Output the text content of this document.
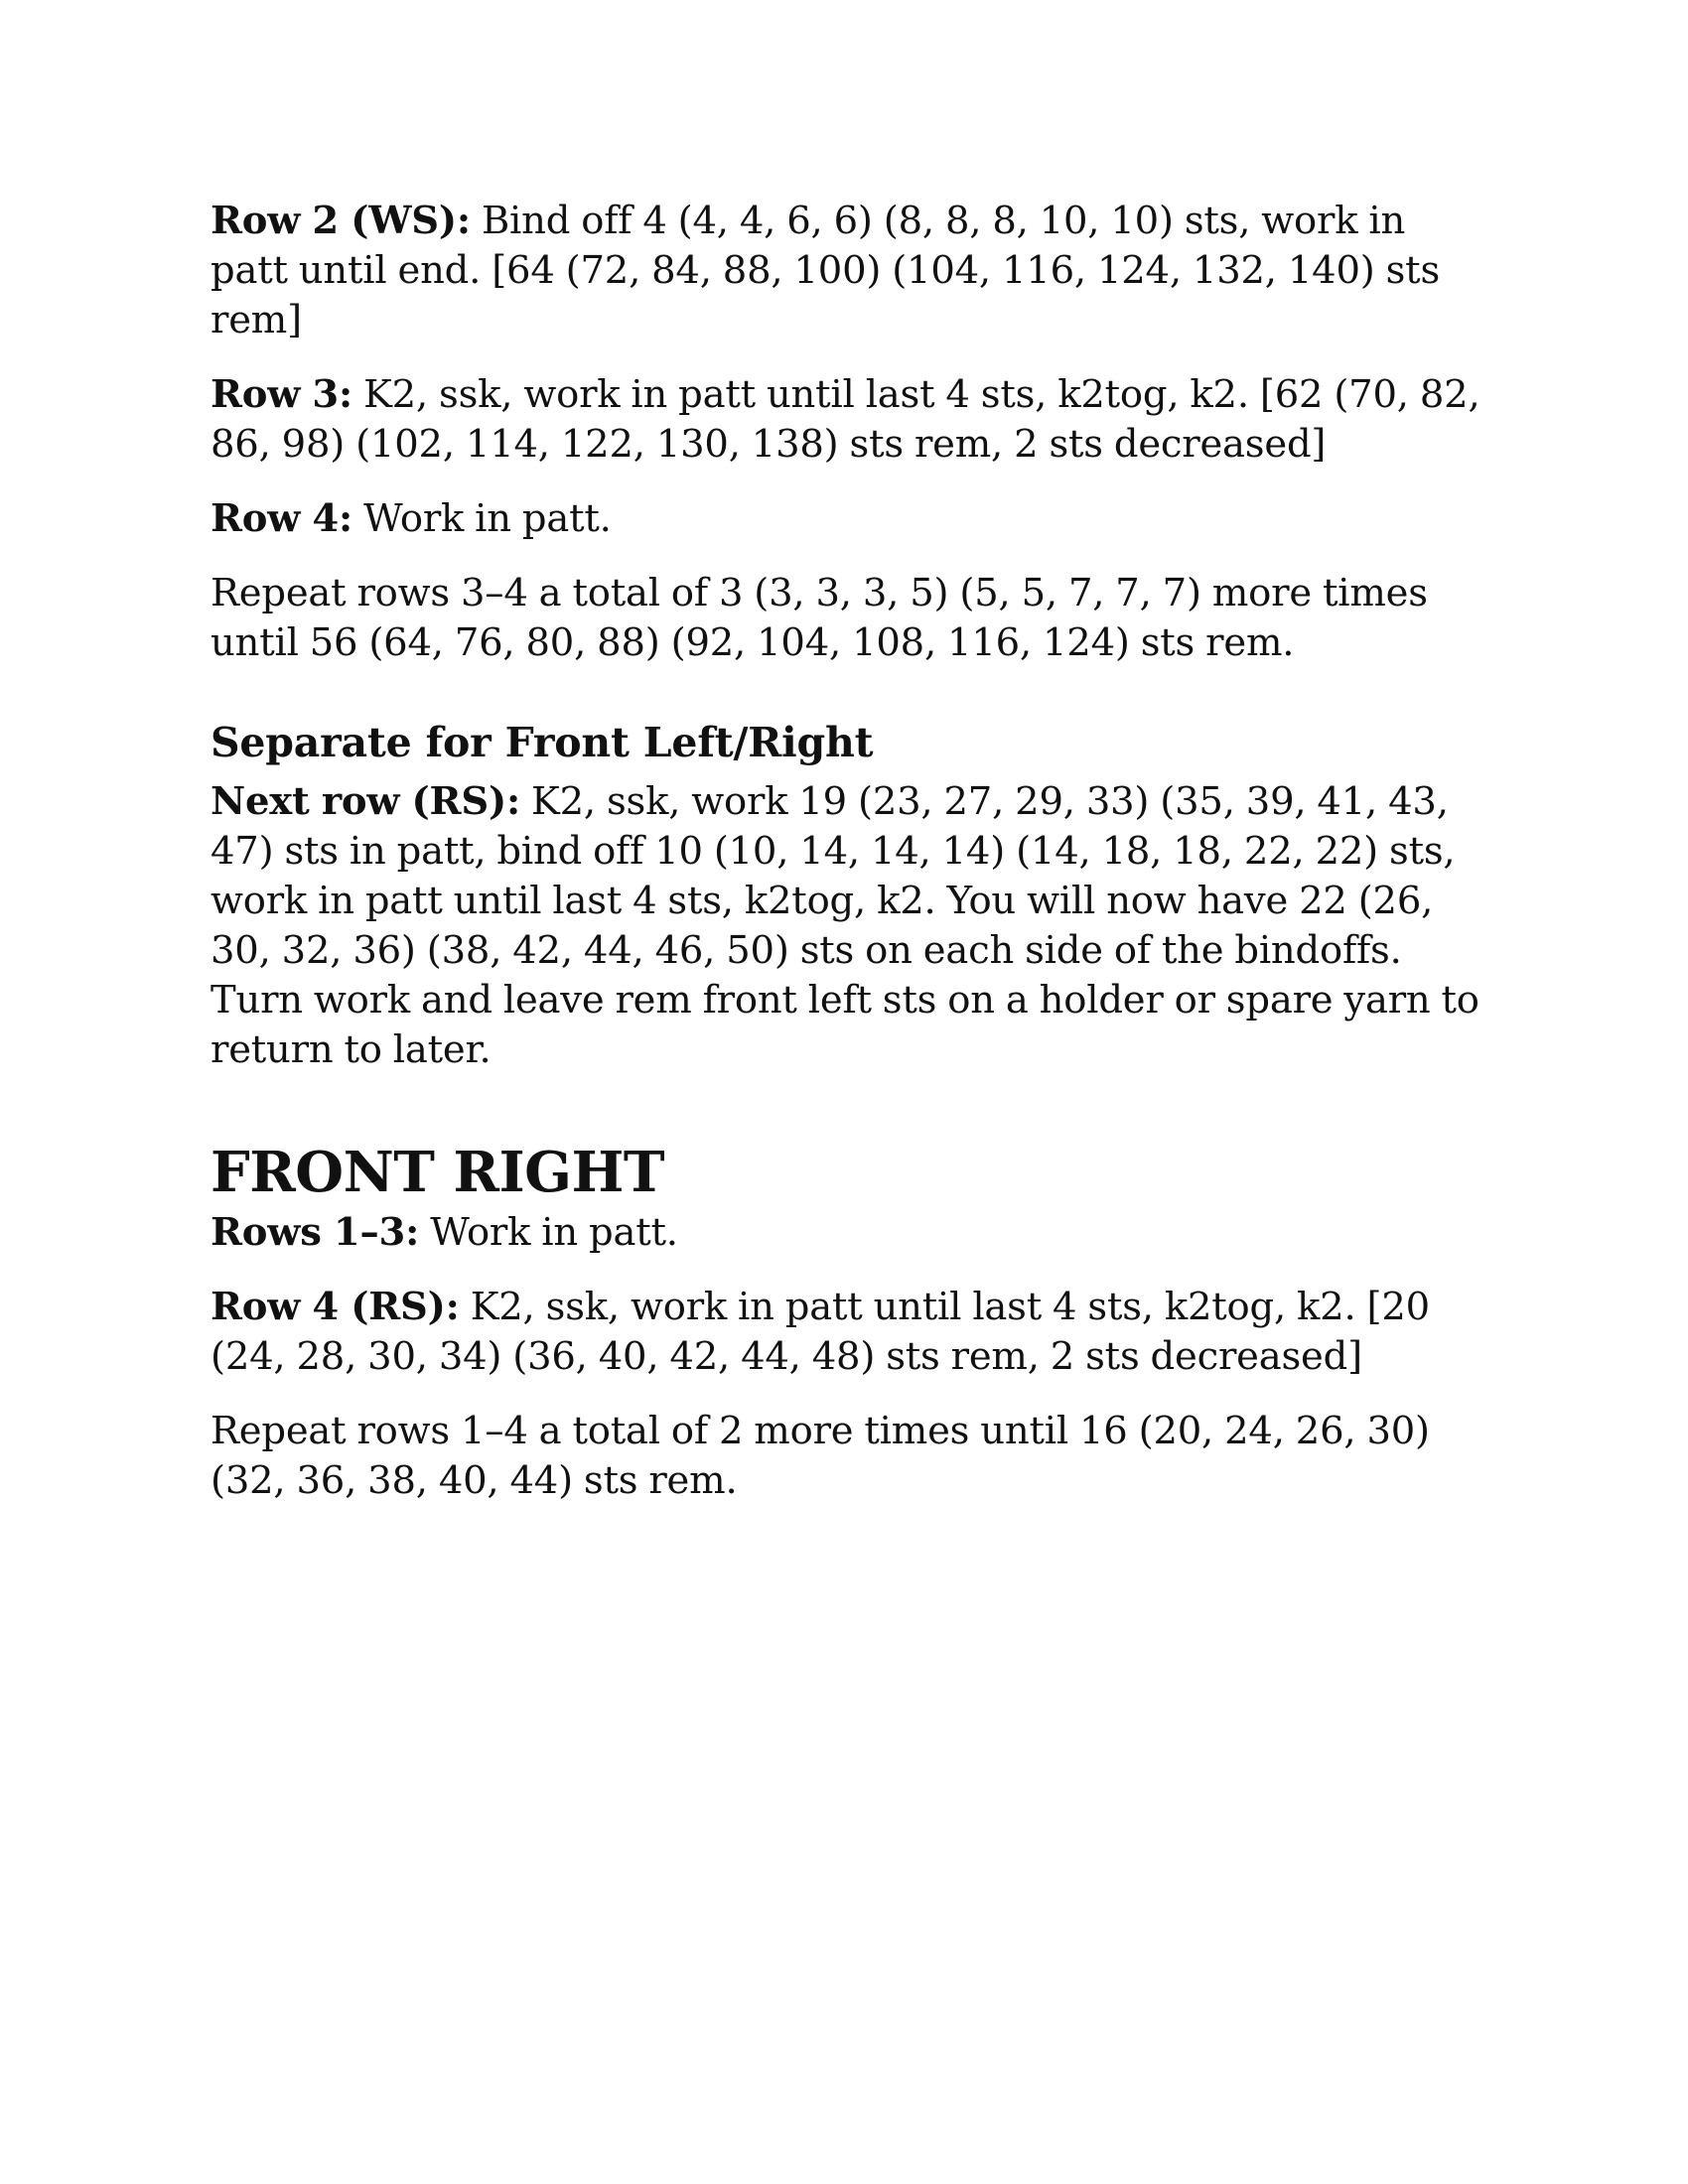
Row 2 (WS): Bind off 4 (4, 4, 6, 6) (8, 8, 8, 10, 10) sts, work in patt until end. [64 (72, 84, 88, 100) (104, 116, 124, 132, 140) sts rem]

Row 3: K2, ssk, work in patt until last 4 sts, k2tog, k2. [62 (70, 82, 86, 98) (102, 114, 122, 130, 138) sts rem, 2 sts decreased]

Row 4: Work in patt.

Repeat rows 3–4 a total of 3 (3, 3, 3, 5) (5, 5, 7, 7, 7) more times until 56 (64, 76, 80, 88) (92, 104, 108, 116, 124) sts rem.

Separate for Front Left/Right

Next row (RS): K2, ssk, work 19 (23, 27, 29, 33) (35, 39, 41, 43, 47) sts in patt, bind off 10 (10, 14, 14, 14) (14, 18, 18, 22, 22) sts, work in patt until last 4 sts, k2tog, k2. You will now have 22 (26, 30, 32, 36) (38, 42, 44, 46, 50) sts on each side of the bindoffs. Turn work and leave rem front left sts on a holder or spare yarn to return to later.

FRONT RIGHT

Rows 1–3: Work in patt.

Row 4 (RS): K2, ssk, work in patt until last 4 sts, k2tog, k2. [20 (24, 28, 30, 34) (36, 40, 42, 44, 48) sts rem, 2 sts decreased]

Repeat rows 1–4 a total of 2 more times until 16 (20, 24, 26, 30) (32, 36, 38, 40, 44) sts rem.
